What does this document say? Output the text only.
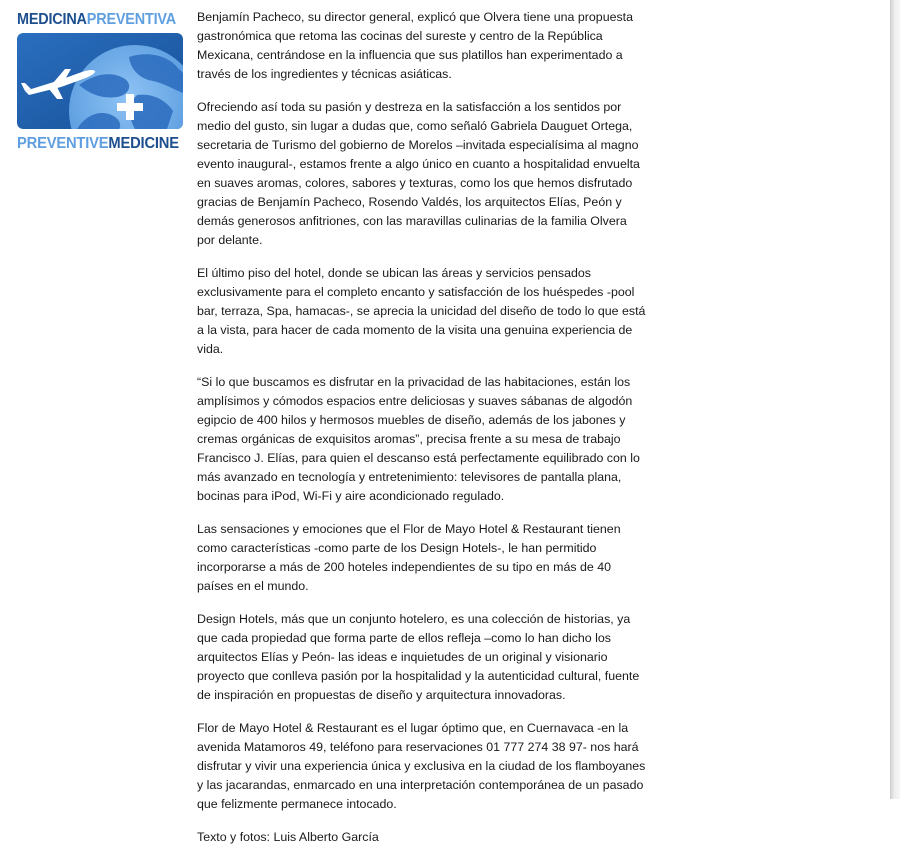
MEDICINAPREVENTIVA
PREVENTIVEMEDICINE

Benjamín Pacheco, su director general, explicó que Olvera tiene una propuesta gastronómica que retoma las cocinas del sureste y centro de la República Mexicana, centrándose en la influencia que sus platillos han experimentado a través de los ingredientes y técnicas asiáticas.

Ofreciendo así toda su pasión y destreza en la satisfacción a los sentidos por medio del gusto, sin lugar a dudas que, como señaló Gabriela Dauguet Ortega, secretaria de Turismo del gobierno de Morelos –invitada especialísima al magno evento inaugural-, estamos frente a algo único en cuanto a hospitalidad envuelta en suaves aromas, colores, sabores y texturas, como los que hemos disfrutado gracias de Benjamín Pacheco, Rosendo Valdés, los arquitectos Elías, Peón y demás generosos anfitriones, con las maravillas culinarias de la familia Olvera por delante.

El último piso del hotel, donde se ubican las áreas y servicios pensados exclusivamente para el completo encanto y satisfacción de los huéspedes -pool bar, terraza, Spa, hamacas-, se aprecia la unicidad del diseño de todo lo que está a la vista, para hacer de cada momento de la visita una genuina experiencia de vida.

“Si lo que buscamos es disfrutar en la privacidad de las habitaciones, están los amplísimos y cómodos espacios entre deliciosas y suaves sábanas de algodón egipcio de 400 hilos y hermosos muebles de diseño, además de los jabones y cremas orgánicas de exquisitos aromas”, precisa frente a su mesa de trabajo Francisco J. Elías, para quien el descanso está perfectamente equilibrado con lo más avanzado en tecnología y entretenimiento: televisores de pantalla plana, bocinas para iPod, Wi-Fi y aire acondicionado regulado.

Las sensaciones y emociones que el Flor de Mayo Hotel & Restaurant tienen como características -como parte de los Design Hotels-, le han permitido incorporarse a más de 200 hoteles independientes de su tipo en más de 40 países en el mundo.

Design Hotels, más que un conjunto hotelero, es una colección de historias, ya que cada propiedad que forma parte de ellos refleja –como lo han dicho los arquitectos Elías y Peón- las ideas e inquietudes de un original y visionario proyecto que conlleva pasión por la hospitalidad y la autenticidad cultural, fuente de inspiración en propuestas de diseño y arquitectura innovadoras.

Flor de Mayo Hotel & Restaurant es el lugar óptimo que, en Cuernavaca -en la avenida Matamoros 49, teléfono para reservaciones 01 777 274 38 97- nos hará disfrutar y vivir una experiencia única y exclusiva en la ciudad de los flamboyanes y las jacarandas, enmarcado en una interpretación contemporánea de un pasado que felizmente permanece intocado.

Texto y fotos: Luis Alberto García
